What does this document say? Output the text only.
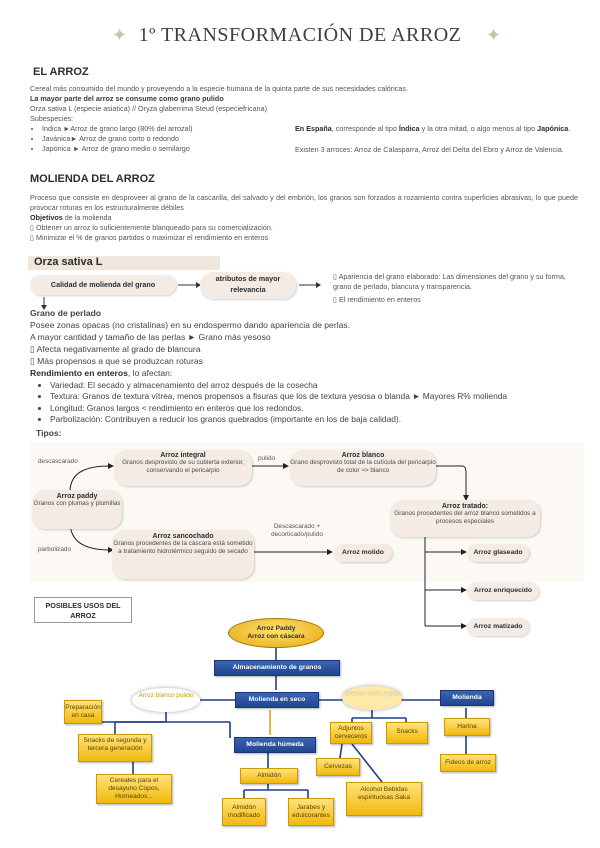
✦ 1º TRANSFORMACIÓN DE ARROZ	✦
EL ARROZ
Cereal más consumido del mundo y proveyendo a la especie humana de la quinta parte de sus necesidades calóricas.
La mayor parte del arroz se consume como grano pulido
Orza sativa L (especie asiatica) // Oryza glaberrima Steud (especiefricana)
Subespecies:
• Indica ►Arroz de grano largo (80% del arrozal)
• Javánica► Arroz de grano corto o redondo
• Japónica ► Arroz de grano medio o semilargo
En España, corresponde al tipo Índica y la otra mitad, o algo menos al tipo Japónica.
Existen 3 arroces: Arroz de Calasparra, Arroz del Delta del Ebro y Arroz de Valencia.
MOLIENDA DEL ARROZ
Proceso que consiste en desproveer al grano de la cascarilla, del salvado y del embrión, los granos son forzados a rozamiento contra superficies abrasivas, lo que puede provocar roturas en los estructuralmente débiles
Objetivos de la molienda
▯ Obtener un arroz lo suficientemente blanqueado para su comercialización.
▯ Minimizar el % de granos partidos o maximizar el rendimiento en enteros
Orza sativa L
Calidad de molienda del grano
atributos de mayor relevancia
▯ Apariencia del grano elaborado: Las dimensiones del grano y su forma, grano de perlado, blancura y transparencia.
▯ El rendimiento en enteros
Grano de perlado
Posee zonas opacas (no cristalinas) en su endospermo dando apariencia de perlas.
A mayor cantidad y tamaño de las perlas ► Grano más yesoso
▯ Afecta negativamente al grado de blancura
▯ Más propensos a que se produzcan roturas
Rendimiento en enteros, lo afectan:
• Variedad: El secado y almacenamiento del arroz después de la cosecha
• Textura: Granos de textura vítrea, menos propensos a fisuras que los de textura yesosa o blanda ► Mayores R% molienda
• Longitud: Granos largos < rendimiento en enteros que los redondos.
• Parbolización: Contribuyen a reducir los granos quebrados (importante en los de baja calidad).
Tipos:
descascarado	pulido
parbolizado
Descascarado + decorticado/pulido
Arroz paddy
Granos con plumas y plumillas
Arroz integral
Granos desprovisto de su cubierta exterior, conservando el pericarpio
Arroz blanco
Grano desprovisto total de la cutícula del pericarpio de color ≈> blanco
Arroz tratado:
Granos procedentes del arroz blanco sometidos a procesos especiales
Arroz sancochado
Granos procedentes de la cáscara está sometido a tratamiento hidrotérmico seguido de secado	Arroz molido	Arroz glaseado
Arroz enriquecido
Arroz matizado
POSIBLES USOS DEL ARROZ
Arroz Paddy
Arroz con cáscara
Almacenamiento de granos
Molienda en seco
Molienda húmeda
Molienda
Arroz blanco pulido	Granos rotos y grits
Preparación en casa
Snacks de segunda y tercera generación
Cereales para el desayuno Copos, Horneados...
Adjuntos cerveceros
Snacks
Cervezas
Alcohol Bebidas espirituosas Saka
Almidón
Almidón modificado
Jarabes y edulcorantes
Harina
Fideos de arroz
